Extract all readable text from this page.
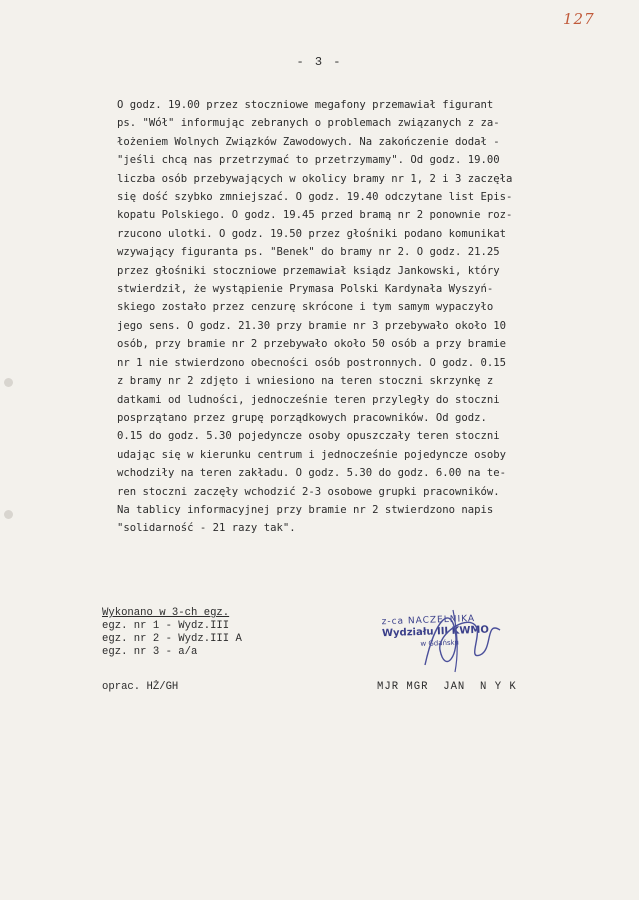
127
- 3 -
O godz. 19.00 przez stoczniowe megafony przemawiał figurant
ps. "Wół" informując zebranych o problemach związanych z za-
łożeniem Wolnych Związków Zawodowych. Na zakończenie dodał -
"jeśli chcą nas przetrzymać to przetrzymamy". Od godz. 19.00
liczba osób przebywających w okolicy bramy nr 1, 2 i 3 zaczęła
się dość szybko zmniejszać. O godz. 19.40 odczytane list Epis-
kopatu Polskiego. O godz. 19.45 przed bramą nr 2 ponownie roz-
rzucono ulotki. O godz. 19.50 przez głośniki podano komunikat
wzywający figuranta ps. "Benek" do bramy nr 2. O godz. 21.25
przez głośniki stoczniowe przemawiał ksiądz Jankowski, który
stwierdził, że wystąpienie Prymasa Polski Kardynała Wyszyń-
skiego zostało przez cenzurę skrócone i tym samym wypaczyło
jego sens. O godz. 21.30 przy bramie nr 3 przebywało około 10
osób, przy bramie nr 2 przebywało około 50 osób a przy bramie
nr 1 nie stwierdzono obecności osób postronnych. O godz. 0.15
z bramy nr 2 zdjęto i wniesiono na teren stoczni skrzynkę z
datkami od ludności, jednocześnie teren przyległy do stoczni
posprzątano przez grupę porządkowych pracowników. Od godz.
0.15 do godz. 5.30 pojedyncze osoby opuszczały teren stoczni
udając się w kierunku centrum i jednocześnie pojedyncze osoby
wchodziły na teren zakładu. O godz. 5.30 do godz. 6.00 na te-
ren stoczni zaczęły wchodzić 2-3 osobowe grupki pracowników.
Na tablicy informacyjnej przy bramie nr 2 stwierdzono napis
"solidarność - 21 razy tak".
Wykonano w 3-ch egz.
egz. nr 1 - Wydz.III
egz. nr 2 - Wydz.III A
egz. nr 3 - a/a
oprac. HŻ/GH
z-ca NACZELNIKA
Wydziału III KWMO
w Gdańsku
MJR MGR  JAN  N Y K
